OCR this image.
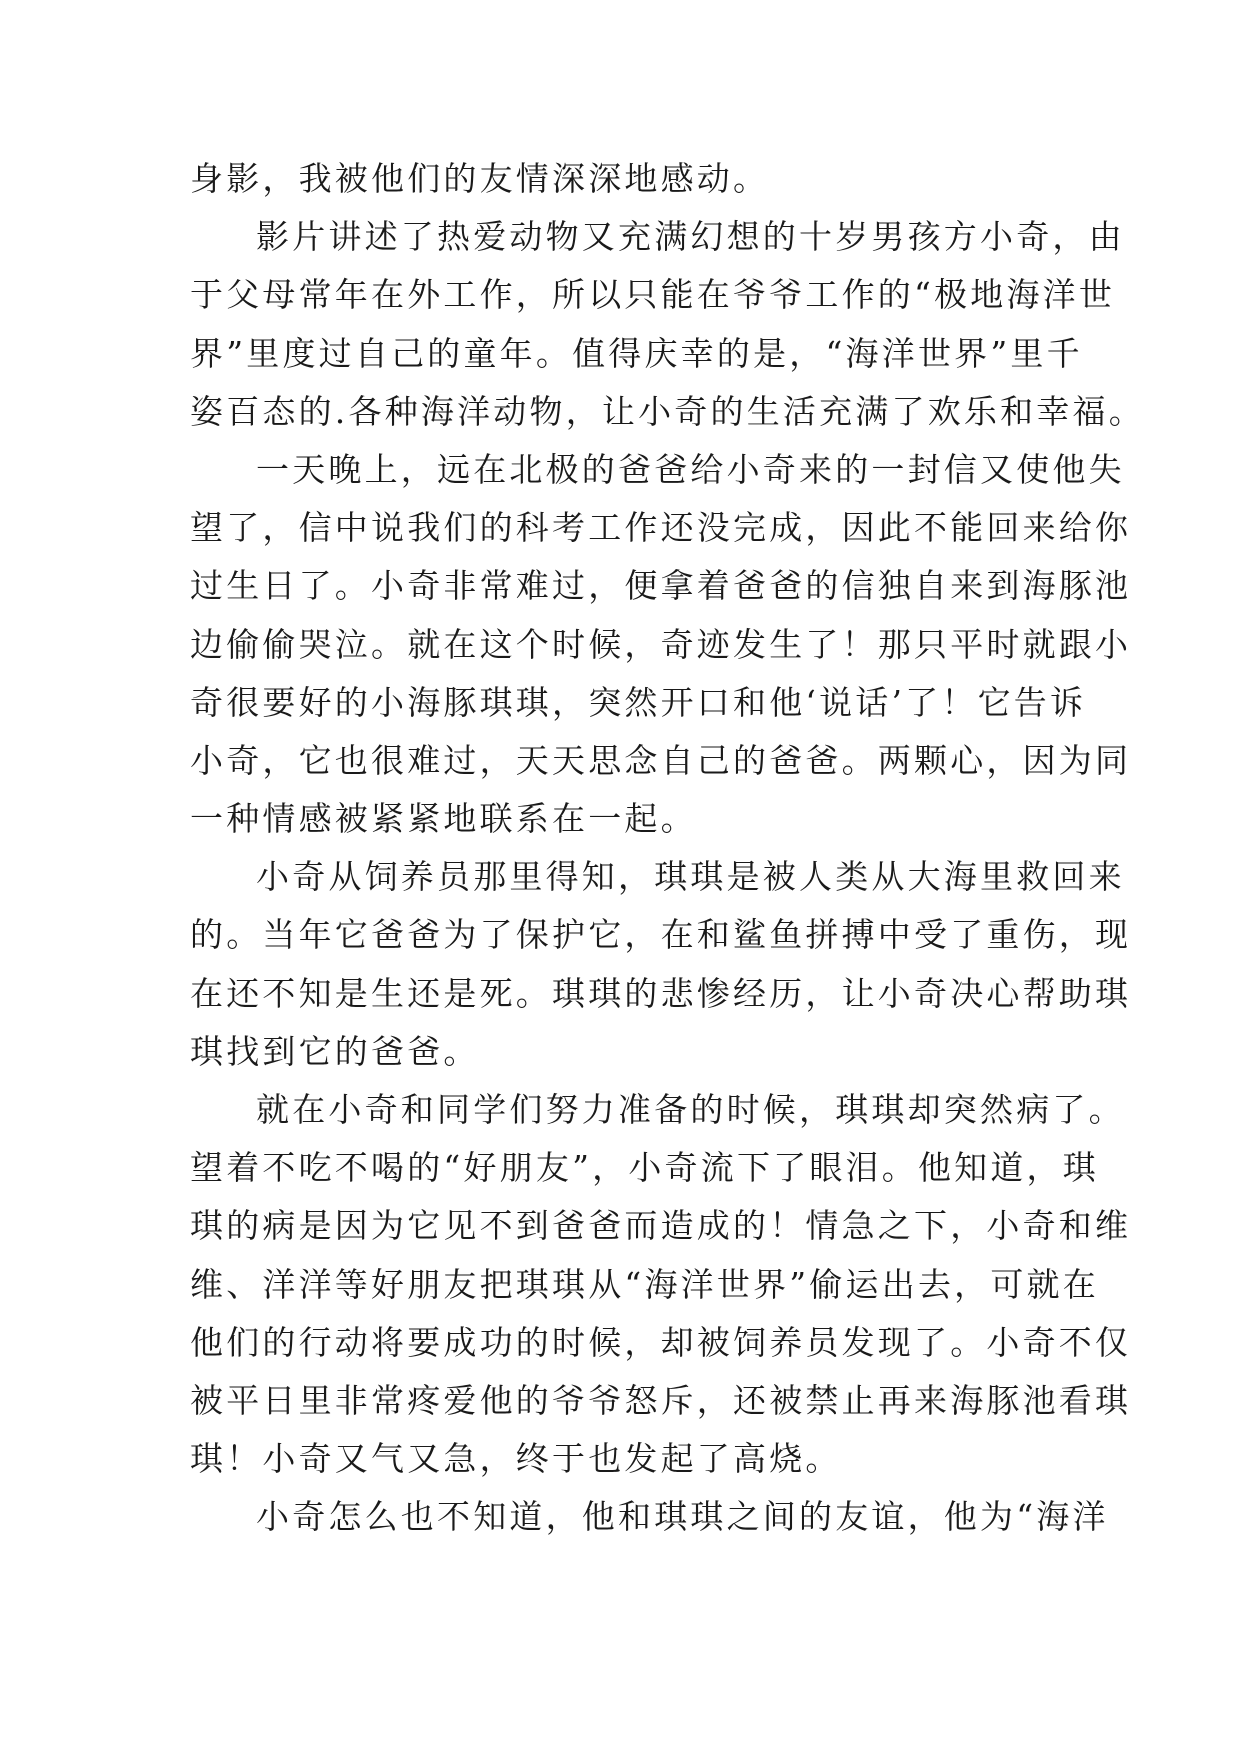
身影，我被他们的友情深深地感动。
影片讲述了热爱动物又充满幻想的十岁男孩方小奇，由
于父母常年在外工作，所以只能在爷爷工作的“极地海洋世
界”里度过自己的童年。值得庆幸的是，“海洋世界”里千
姿百态的.各种海洋动物，让小奇的生活充满了欢乐和幸福。
一天晚上，远在北极的爸爸给小奇来的一封信又使他失
望了，信中说我们的科考工作还没完成，因此不能回来给你
过生日了。小奇非常难过，便拿着爸爸的信独自来到海豚池
边偷偷哭泣。就在这个时候，奇迹发生了！那只平时就跟小
奇很要好的小海豚琪琪，突然开口和他‘说话’了！它告诉
小奇，它也很难过，天天思念自己的爸爸。两颗心，因为同
一种情感被紧紧地联系在一起。
小奇从饲养员那里得知，琪琪是被人类从大海里救回来
的。当年它爸爸为了保护它，在和鲨鱼拼搏中受了重伤，现
在还不知是生还是死。琪琪的悲惨经历，让小奇决心帮助琪
琪找到它的爸爸。
就在小奇和同学们努力准备的时候，琪琪却突然病了。
望着不吃不喝的“好朋友”，小奇流下了眼泪。他知道，琪
琪的病是因为它见不到爸爸而造成的！情急之下，小奇和维
维、洋洋等好朋友把琪琪从“海洋世界”偷运出去，可就在
他们的行动将要成功的时候，却被饲养员发现了。小奇不仅
被平日里非常疼爱他的爷爷怒斥，还被禁止再来海豚池看琪
琪！小奇又气又急，终于也发起了高烧。
小奇怎么也不知道，他和琪琪之间的友谊，他为“海洋
